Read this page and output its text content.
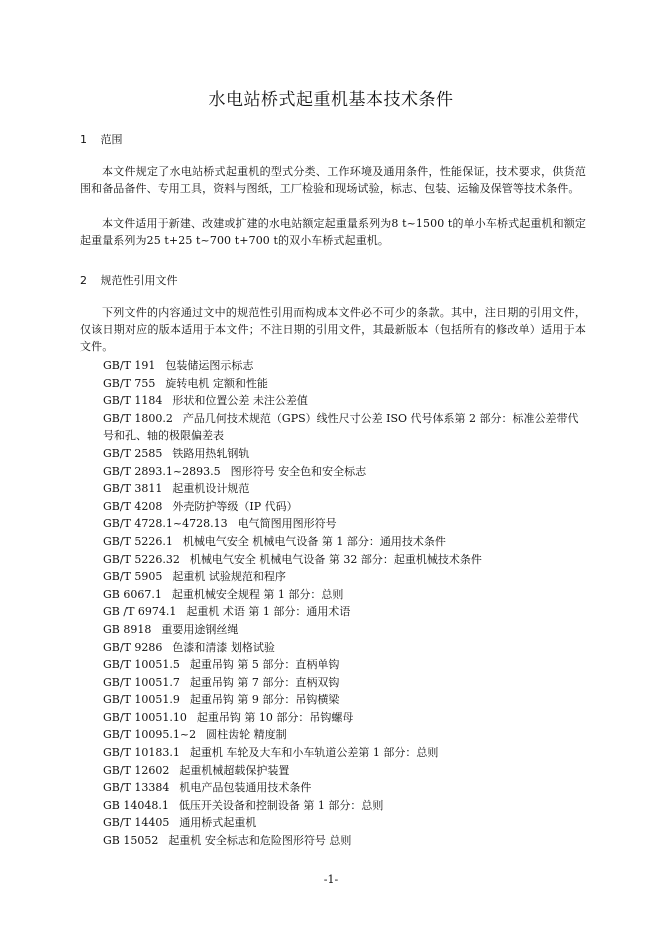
水电站桥式起重机基本技术条件
1 范围
本文件规定了水电站桥式起重机的型式分类、工作环境及通用条件，性能保证，技术要求，供货范围和备品备件、专用工具，资料与图纸，工厂检验和现场试验，标志、包装、运输及保管等技术条件。
本文件适用于新建、改建或扩建的水电站额定起重量系列为8 t~1500 t的单小车桥式起重机和额定起重量系列为25 t+25 t~700 t+700 t的双小车桥式起重机。
2 规范性引用文件
下列文件的内容通过文中的规范性引用而构成本文件必不可少的条款。其中，注日期的引用文件，仅该日期对应的版本适用于本文件；不注日期的引用文件，其最新版本（包括所有的修改单）适用于本文件。
GB/T 191 包装储运图示标志
GB/T 755 旋转电机 定额和性能
GB/T 1184 形状和位置公差 未注公差值
GB/T 1800.2 产品几何技术规范（GPS）线性尺寸公差 ISO 代号体系第 2 部分：标准公差带代号和孔、轴的极限偏差表
GB/T 2585 铁路用热轧钢轨
GB/T 2893.1~2893.5 图形符号 安全色和安全标志
GB/T 3811 起重机设计规范
GB/T 4208 外壳防护等级（IP 代码）
GB/T 4728.1~4728.13 电气简图用图形符号
GB/T 5226.1 机械电气安全 机械电气设备 第 1 部分：通用技术条件
GB/T 5226.32 机械电气安全 机械电气设备 第 32 部分：起重机械技术条件
GB/T 5905 起重机 试验规范和程序
GB 6067.1 起重机械安全规程 第 1 部分：总则
GB /T 6974.1 起重机 术语 第 1 部分：通用术语
GB 8918 重要用途钢丝绳
GB/T 9286 色漆和清漆 划格试验
GB/T 10051.5 起重吊钩 第 5 部分：直柄单钩
GB/T 10051.7 起重吊钩 第 7 部分：直柄双钩
GB/T 10051.9 起重吊钩 第 9 部分：吊钩横梁
GB/T 10051.10 起重吊钩 第 10 部分：吊钩螺母
GB/T 10095.1~2 圆柱齿轮 精度制
GB/T 10183.1 起重机 车轮及大车和小车轨道公差第 1 部分：总则
GB/T 12602 起重机械超载保护装置
GB/T 13384 机电产品包装通用技术条件
GB 14048.1 低压开关设备和控制设备 第 1 部分：总则
GB/T 14405 通用桥式起重机
GB 15052 起重机 安全标志和危险图形符号 总则
-1-
